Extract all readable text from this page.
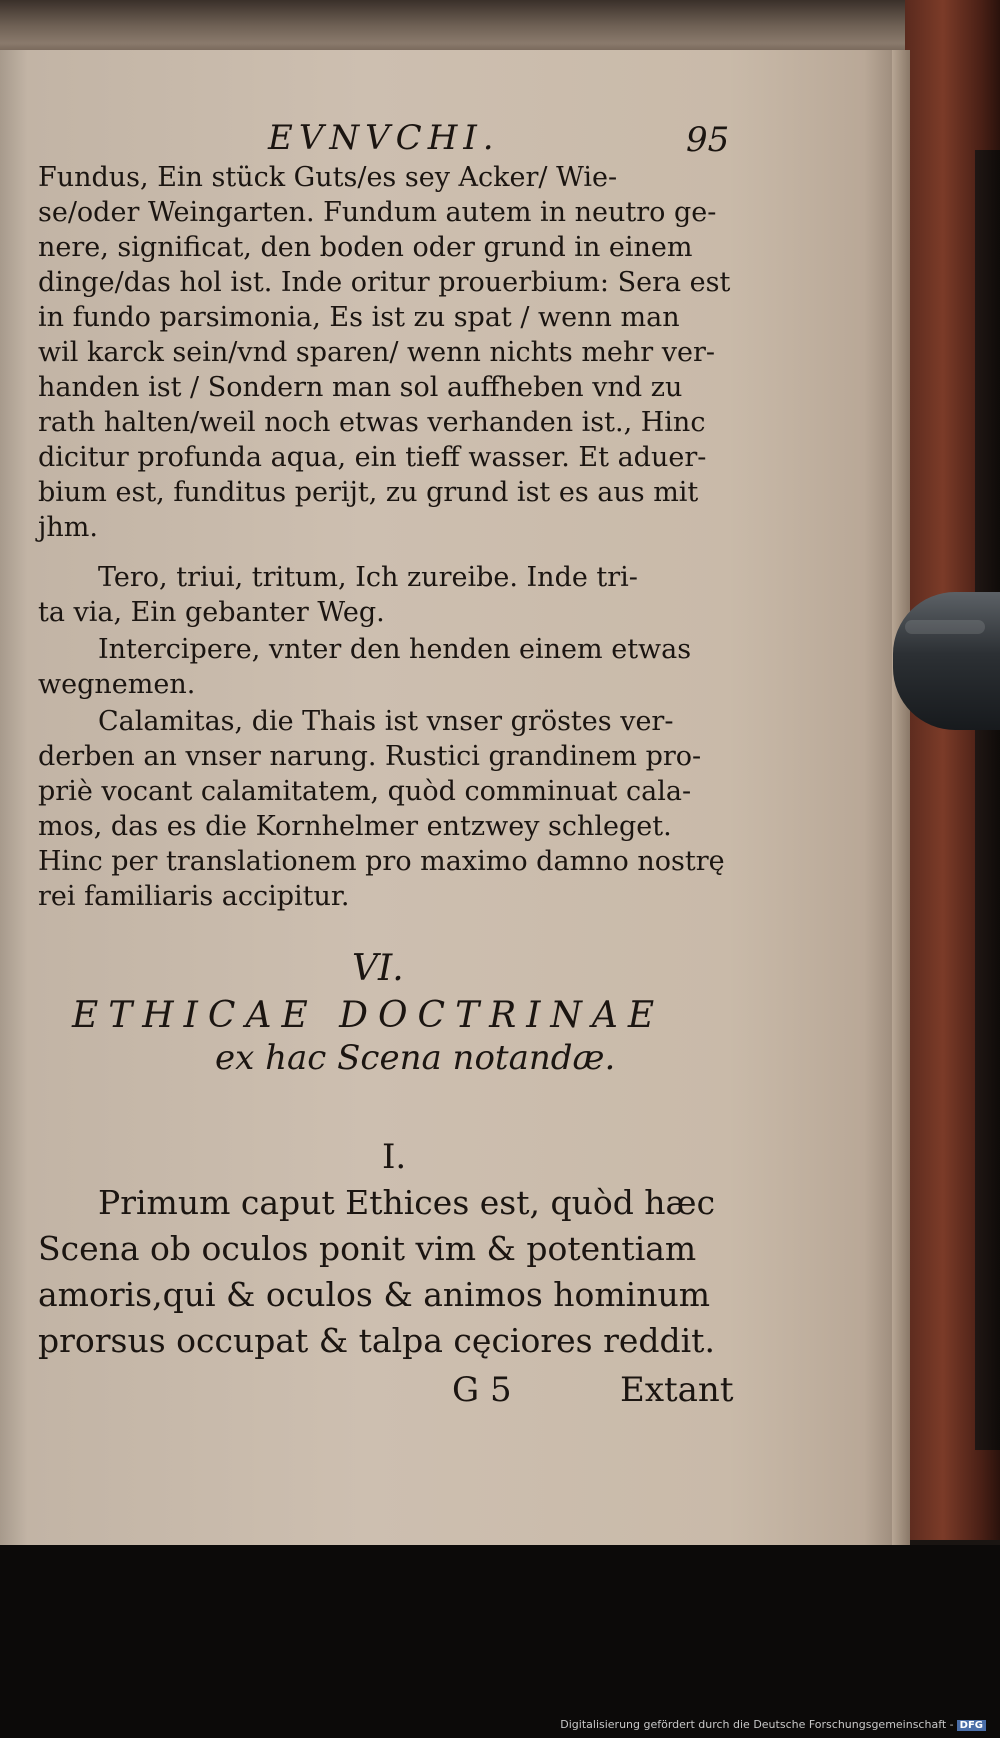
EVNVCHI.	95

Fundus, Ein stück Guts/es sey Acker/ Wie-
se/oder Weingarten. Fundum autem in neutro ge-
nere, significat, den boden oder grund in einem
dinge/das hol ist. Inde oritur prouerbium: Sera est
in fundo parsimonia, Es ist zu spat / wenn man
wil karck sein/vnd sparen/ wenn nichts mehr ver-
handen ist / Sondern man sol auffheben vnd zu
rath halten/weil noch etwas verhanden ist., Hinc
dicitur profunda aqua, ein tieff wasser. Et aduer-
bium est, funditus perijt, zu grund ist es aus mit
jhm.

Tero, triui, tritum, Ich zureibe. Inde tri-
ta via, Ein gebanter Weg.

Intercipere, vnter den henden einem etwas
wegnemen.

Calamitas, die Thais ist vnser gröstes ver-
derben an vnser narung. Rustici grandinem pro-
priè vocant calamitatem, quòd comminuat cala-
mos, das es die Kornhelmer entzwey schleget.
Hinc per translationem pro maximo damno nostrę
rei familiaris accipitur.

VI.
ETHICAE DOCTRINAE
ex hac Scena notandæ.
I.

Primum caput Ethices est, quòd hæc
Scena ob oculos ponit vim & potentiam
amoris,qui & oculos & animos hominum
prorsus occupat & talpa cęciores reddit.

G 5	Extant
Digitalisierung gefördert durch die Deutsche Forschungsgemeinschaft - DFG
